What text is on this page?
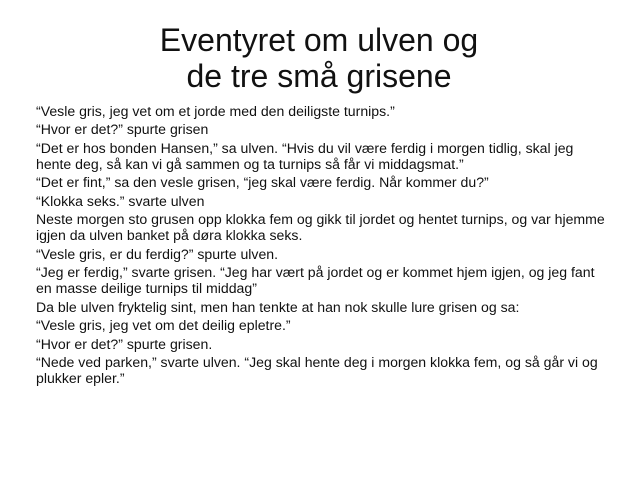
Eventyret om ulven og
de tre små grisene
“Vesle gris, jeg vet om et jorde med den deiligste turnips.”
“Hvor er det?” spurte grisen
“Det er hos bonden Hansen,” sa ulven. “Hvis du vil være ferdig i morgen tidlig, skal jeg hente deg, så kan vi gå sammen og ta turnips så får vi middagsmat.”
“Det er fint,” sa den vesle grisen, “jeg skal være ferdig. Når kommer du?”
“Klokka seks.” svarte ulven
Neste morgen sto grusen opp klokka fem og gikk til jordet og hentet turnips, og var hjemme igjen da ulven banket på døra klokka seks.
“Vesle gris, er du ferdig?” spurte ulven.
“Jeg er ferdig,” svarte grisen. “Jeg har vært på jordet og er kommet hjem igjen, og jeg fant en masse deilige turnips til middag”
Da ble ulven fryktelig sint, men han tenkte at han nok skulle lure grisen og sa:
“Vesle gris, jeg vet om det deilig epletre.”
“Hvor er det?” spurte grisen.
“Nede ved parken,” svarte ulven. “Jeg skal hente deg i morgen klokka fem, og så går vi og plukker epler.”
